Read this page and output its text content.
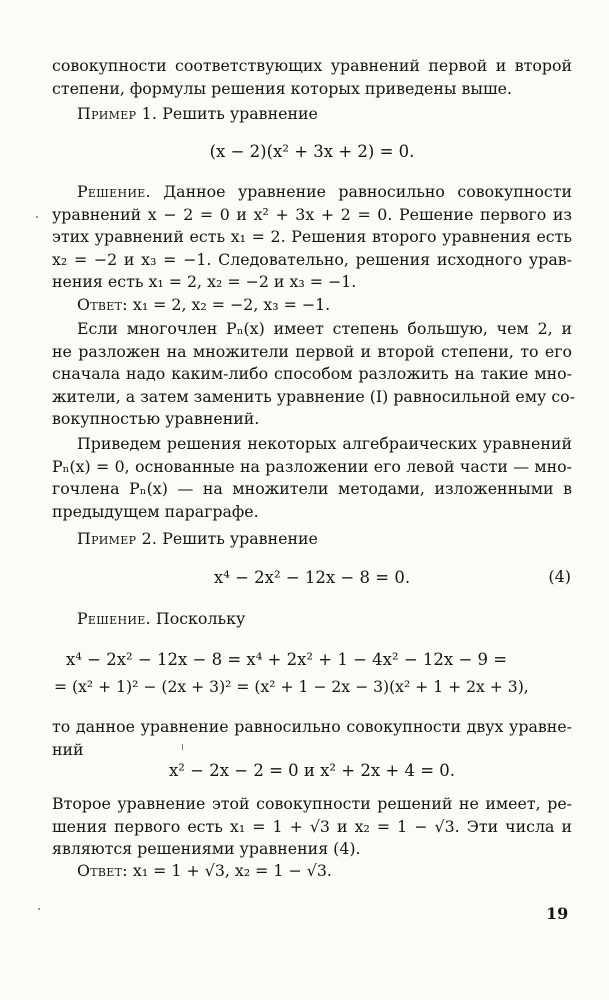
совокупности соответствующих уравнений первой и второй
степени, формулы решения которых приведены выше.

Пример 1. Решить уравнение

(x − 2)(x² + 3x + 2) = 0.

Решение. Данное уравнение равносильно совокупности
уравнений x − 2 = 0 и x² + 3x + 2 = 0. Решение первого из
этих уравнений есть x₁ = 2. Решения второго уравнения есть
x₂ = −2 и x₃ = −1. Следовательно, решения исходного урав-
нения есть x₁ = 2, x₂ = −2 и x₃ = −1.

Ответ: x₁ = 2, x₂ = −2, x₃ = −1.

Если многочлен Pₙ(x) имеет степень большую, чем 2, и
не разложен на множители первой и второй степени, то его
сначала надо каким-либо способом разложить на такие мно-
жители, а затем заменить уравнение (I) равносильной ему со-
вокупностью уравнений.

Приведем решения некоторых алгебраических уравнений
Pₙ(x) = 0, основанные на разложении его левой части — мно-
гочлена Pₙ(x) — на множители методами, изложенными в
предыдущем параграфе.

Пример 2. Решить уравнение

x⁴ − 2x² − 12x − 8 = 0.	(4)

Решение. Поскольку

x⁴ − 2x² − 12x − 8 = x⁴ + 2x² + 1 − 4x² − 12x − 9 =
= (x² + 1)² − (2x + 3)² = (x² + 1 − 2x − 3)(x² + 1 + 2x + 3),

то данное уравнение равносильно совокупности двух уравне-
ний

x² − 2x − 2 = 0 и x² + 2x + 4 = 0.

Второе уравнение этой совокупности решений не имеет, ре-
шения первого есть x₁ = 1 + √3 и x₂ = 1 − √3. Эти числа и
являются решениями уравнения (4).

Ответ: x₁ = 1 + √3, x₂ = 1 − √3.

19
